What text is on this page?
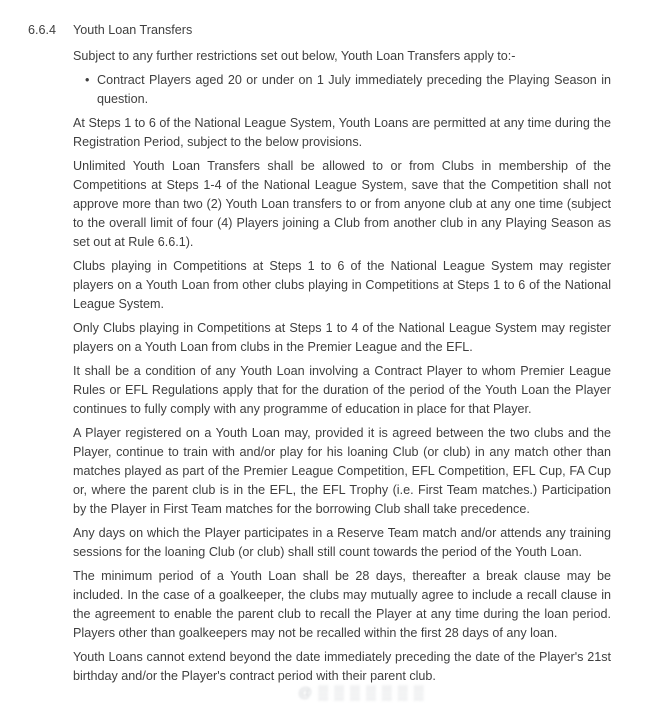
6.6.4 Youth Loan Transfers

Subject to any further restrictions set out below, Youth Loan Transfers apply to:-

•
Contract Players aged 20 or under on 1 July immediately preceding the Playing Season in question.

At Steps 1 to 6 of the National League System, Youth Loans are permitted at any time during the Registration Period, subject to the below provisions.

Unlimited Youth Loan Transfers shall be allowed to or from Clubs in membership of the Competitions at Steps 1-4 of the National League System, save that the Competition shall not approve more than two (2) Youth Loan transfers to or from anyone club at any one time (subject to the overall limit of four (4) Players joining a Club from another club in any Playing Season as set out at Rule 6.6.1).

Clubs playing in Competitions at Steps 1 to 6 of the National League System may register players on a Youth Loan from other clubs playing in Competitions at Steps 1 to 6 of the National League System.

Only Clubs playing in Competitions at Steps 1 to 4 of the National League System may register players on a Youth Loan from clubs in the Premier League and the EFL.

It shall be a condition of any Youth Loan involving a Contract Player to whom Premier League Rules or EFL Regulations apply that for the duration of the period of the Youth Loan the Player continues to fully comply with any programme of education in place for that Player.

A Player registered on a Youth Loan may, provided it is agreed between the two clubs and the Player, continue to train with and/or play for his loaning Club (or club) in any match other than matches played as part of the Premier League Competition, EFL Competition, EFL Cup, FA Cup or, where the parent club is in the EFL, the EFL Trophy (i.e. First Team matches.) Participation by the Player in First Team matches for the borrowing Club shall take precedence.

Any days on which the Player participates in a Reserve Team match and/or attends any training sessions for the loaning Club (or club) shall still count towards the period of the Youth Loan.

The minimum period of a Youth Loan shall be 28 days, thereafter a break clause may be included. In the case of a goalkeeper, the clubs may mutually agree to include a recall clause in the agreement to enable the parent club to recall the Player at any time during the loan period. Players other than goalkeepers may not be recalled within the first 28 days of any loan.

Youth Loans cannot extend beyond the date immediately preceding the date of the Player's 21st birthday and/or the Player's contract period with their parent club.

@▒▒▒▒▒▒▒
